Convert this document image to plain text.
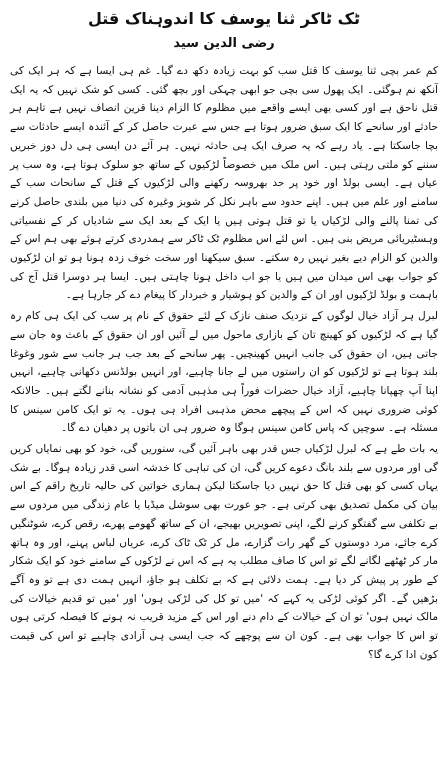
ٹک ٹاکر ثنا یوسف کا اندوہناک قتل
رضی الدین سید

کم عمر بچی ثنا یوسف کا قتل سب کو بہت زیادہ دکھ دے گیا۔ غم ہی ایسا ہے کہ ہر ایک کی آنکھ نم ہوگئی۔ ایک پھول سی بچی جو ابھی چہکی اور بچھ گئی۔ کسی کو شک نہیں کہ یہ ایک قتل ناحق ہے اور کسی بھی ایسے واقعے میں مظلوم کا الزام دینا قرین انصاف نہیں ہے تاہم ہر حادثے اور سانحے کا ایک سبق ضرور ہوتا ہے جس سے عبرت حاصل کر کے آئندہ ایسے حادثات سے بچا جاسکتا ہے۔ یاد رہے کہ یہ صرف ایک ہی حادثہ نہیں۔ ہر آئے دن ایسی ہی دل دوز خبریں سننے کو ملتی رہتی ہیں۔ اس ملک میں خصوصاً لڑکیوں کے ساتھ جو سلوک ہوتا ہے، وہ سب پر عیاں ہے۔ ایسی بولڈ اور خود پر حد بھروسہ رکھنے والی لڑکیوں کے قتل کے سانحات سب کے سامنے اور علم میں ہیں۔ اپنے حدود سے باہر نکل کر شوبز وغیرہ کی دنیا میں بلندی حاصل کرنے کی تمنا پالنے والی لڑکیاں یا تو قتل ہوتی ہیں یا ایک کے بعد ایک سے شادیاں کر کے نفسیاتی وہسٹیریائی مریض بنی ہیں۔ اس لئے اس مظلوم ٹک ٹاکر سے ہمدردی کرتے ہوئے بھی ہم اس کے والدین کو الزام دیے بغیر نہیں رہ سکتے۔ سبق سیکھنا اور سخت خوف زدہ ہونا ہو تو ان لڑکیوں کو جواب بھی اس میدان میں ہیں یا جو اب داخل ہونا چاہتی ہیں۔ ایسا ہر دوسرا قتل آج کی باہمت و بولڈ لڑکیوں اور ان کے والدین کو ہوشیار و خبردار کا پیغام دے کر جارہا ہے۔

لبرل ہر آزاد خیال لوگوں کے نزدیک صنف نازک کے لئے حقوق کے نام پر سب کی ایک ہی کام رہ گیا ہے کہ لڑکیوں کو کھینچ تان کے بازاری ماحول میں لے آئیں اور ان حقوق کے باعث وہ جان سے جاتی ہیں، ان حقوق کی جانب انہیں کھینچیں۔ پھر سانحے کے بعد جب ہر جانب سے شور وغوغا بلند ہوتا ہے تو لڑکیوں کو ان راستوں میں لے جانا چاہیے، اور انہیں بولڈنس دکھانی چاہیے، انہیں اپنا آپ چھپانا چاہیے، آزاد خیال حضرات فوراً ہی مذہبی آدمی کو نشانہ بنانے لگتے ہیں۔ حالانکہ کوئی ضروری نہیں کہ اس کے پیچھے محض مذہبی افراد ہی ہوں۔ یہ تو ایک کامن سینس کا مسئلہ ہے۔ سوچیں کہ پاس کامن سینس ہوگا وہ ضرور ہی ان باتوں پر دھیان دے گا۔

یہ بات طے ہے کہ لبرل لڑکیاں جس قدر بھی باہر آئیں گی، سنوریں گی، خود کو بھی نمایاں کریں گی اور مردوں سے بلند بانگ دعوے کریں گی، ان کی تباہی کا خدشہ اسی قدر زیادہ ہوگا۔ بے شک یہاں کسی کو بھی قتل کا حق نہیں دیا جاسکتا لیکن ہماری خواتین کی حالیہ تاریخ راقم کے اس بیان کی مکمل تصدیق بھی کرتی ہے۔ جو عورت بھی سوشل میڈیا یا عام زندگی میں مردوں سے بے تکلفی سے گفتگو کرنے لگے، اپنی تصویریں بھیجے، ان کے ساتھ گھومے پھرے، رقص کرے، شوٹنگیں کرے جائے، مرد دوستوں کے گھر رات گزارے، مل کر ٹک ٹاک کرے، عریاں لباس پہنے، اور وہ ہاتھ مار کر ٹھٹھے لگانے لگے تو اس کا صاف مطلب یہ ہے کہ اس نے لڑکوں کے سامنے خود کو ایک شکار کے طور پر پیش کر دیا ہے۔ ہمت دلائی ہے کہ بے تکلف ہو جاؤ، انہیں ہمت دی ہے تو وہ آگے بڑھیں گے۔ اگر کوئی لڑکی یہ کہے کہ 'میں تو کل کی لڑکی ہوں' اور 'میں تو قدیم خیالات کی مالک نہیں ہوں' تو ان کے خیالات کے دام دنے اور اس کے مزید قریب نہ ہونے کا فیصلہ کرتی ہوں تو اس کا جواب بھی ہے۔ کون ان سے پوچھے کہ جب ایسی ہی آزادی چاہیے تو اس کی قیمت کون ادا کرے گا؟
